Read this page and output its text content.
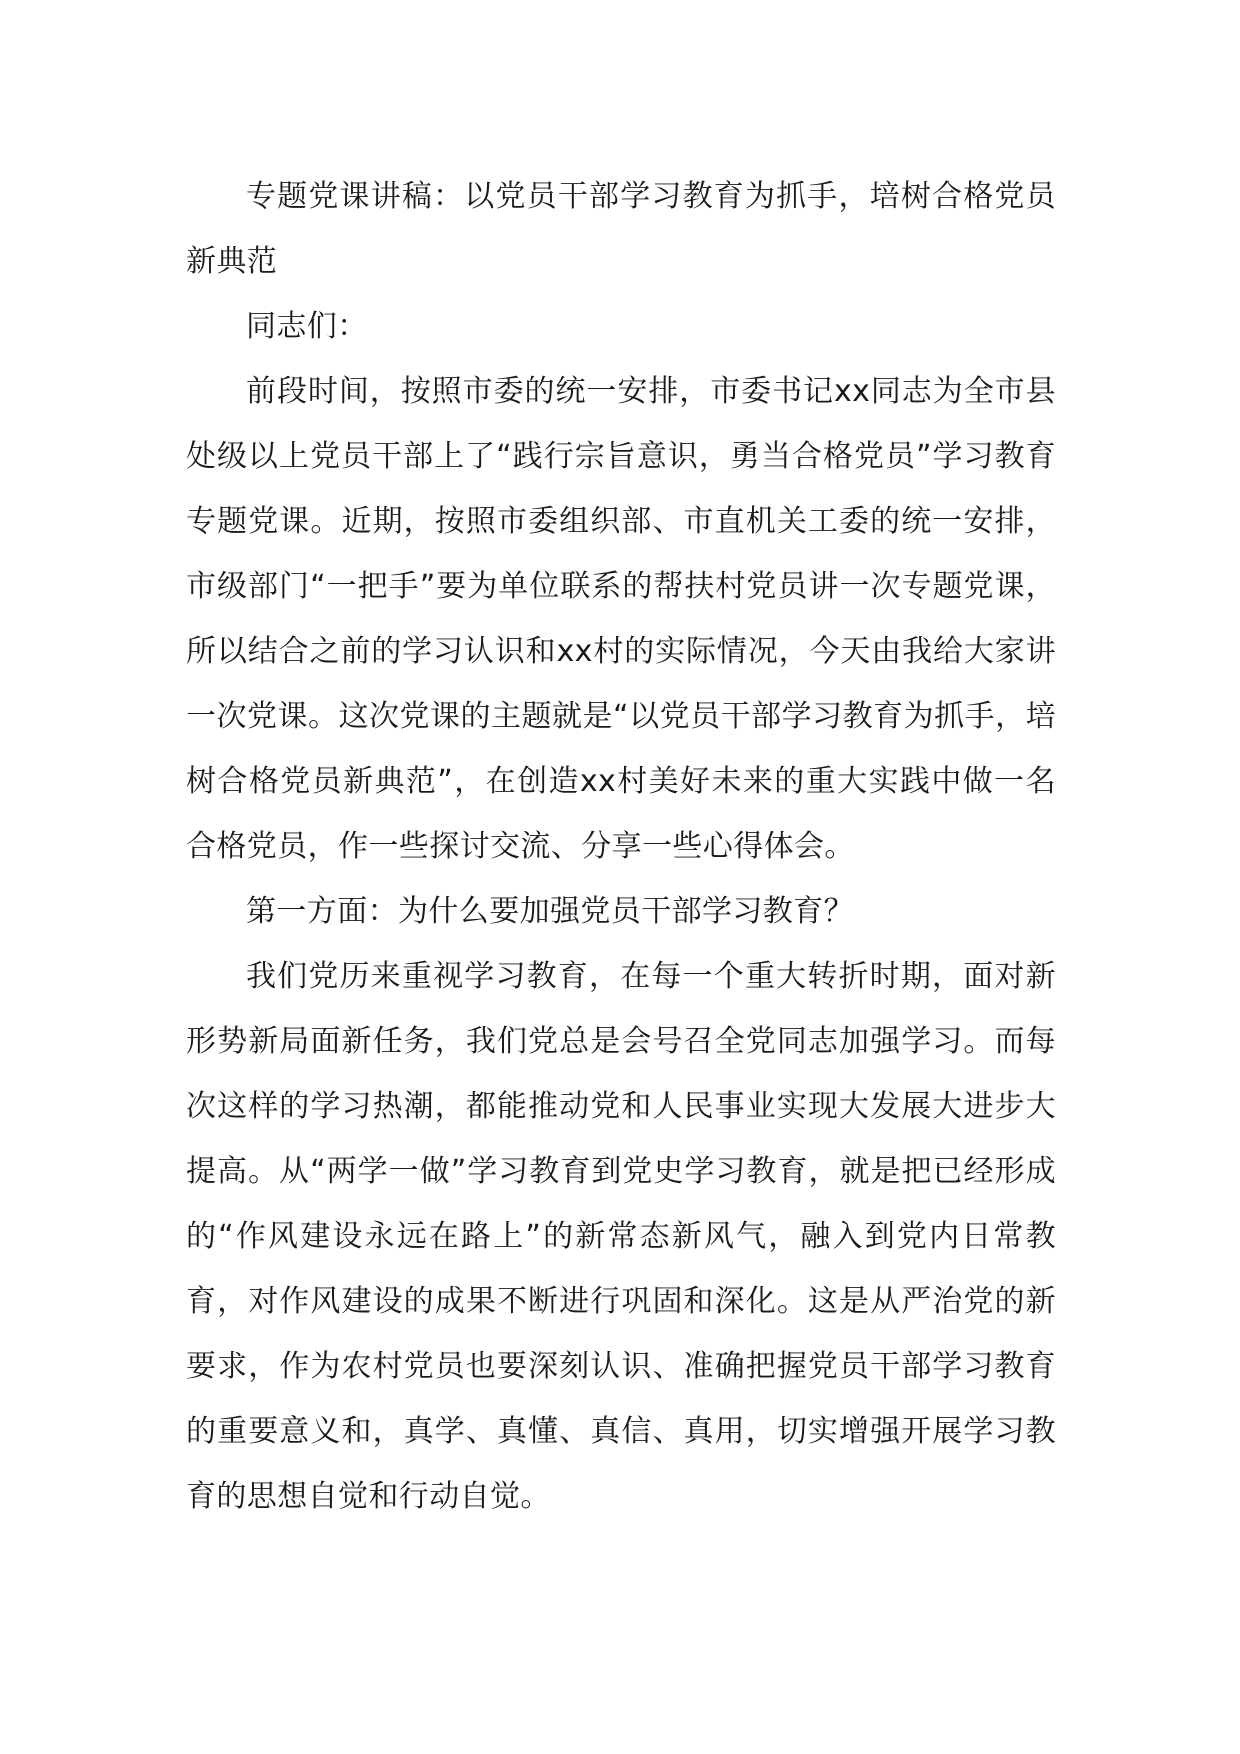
专题党课讲稿：以党员干部学习教育为抓手，培树合格党员新典范

同志们：

前段时间，按照市委的统一安排，市委书记xx同志为全市县处级以上党员干部上了“践行宗旨意识，勇当合格党员”学习教育专题党课。近期，按照市委组织部、市直机关工委的统一安排，市级部门“一把手”要为单位联系的帮扶村党员讲一次专题党课，所以结合之前的学习认识和xx村的实际情况，今天由我给大家讲一次党课。这次党课的主题就是“以党员干部学习教育为抓手，培树合格党员新典范”，在创造xx村美好未来的重大实践中做一名合格党员，作一些探讨交流、分享一些心得体会。

第一方面：为什么要加强党员干部学习教育？

我们党历来重视学习教育，在每一个重大转折时期，面对新形势新局面新任务，我们党总是会号召全党同志加强学习。而每次这样的学习热潮，都能推动党和人民事业实现大发展大进步大提高。从“两学一做”学习教育到党史学习教育，就是把已经形成的“作风建设永远在路上”的新常态新风气，融入到党内日常教育，对作风建设的成果不断进行巩固和深化。这是从严治党的新要求，作为农村党员也要深刻认识、准确把握党员干部学习教育的重要意义和，真学、真懂、真信、真用，切实增强开展学习教育的思想自觉和行动自觉。
